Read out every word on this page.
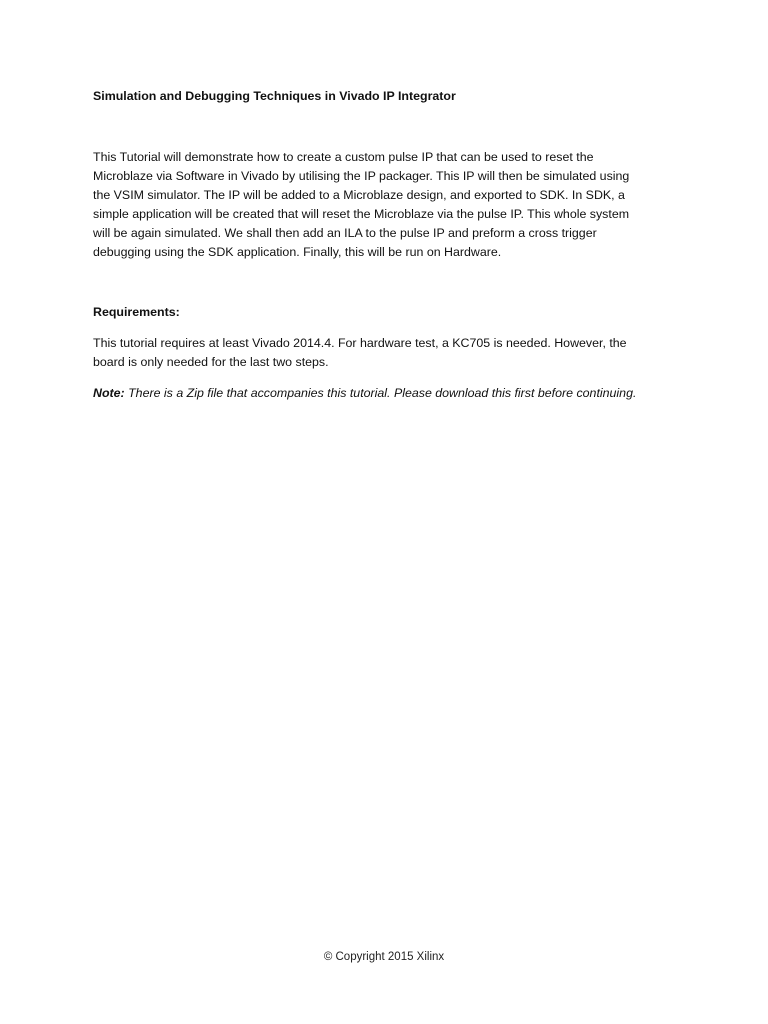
Simulation and Debugging Techniques in Vivado IP Integrator

This Tutorial will demonstrate how to create a custom pulse IP that can be used to reset the
Microblaze via Software in Vivado by utilising the IP packager. This IP will then be simulated using
the VSIM simulator. The IP will be added to a Microblaze design, and exported to SDK. In SDK, a
simple application will be created that will reset the Microblaze via the pulse IP. This whole system
will be again simulated. We shall then add an ILA to the pulse IP and preform a cross trigger
debugging using the SDK application. Finally, this will be run on Hardware.

Requirements:

This tutorial requires at least Vivado 2014.4. For hardware test, a KC705 is needed. However, the
board is only needed for the last two steps.

Note: There is a Zip file that accompanies this tutorial. Please download this first before continuing.

© Copyright 2015 Xilinx
